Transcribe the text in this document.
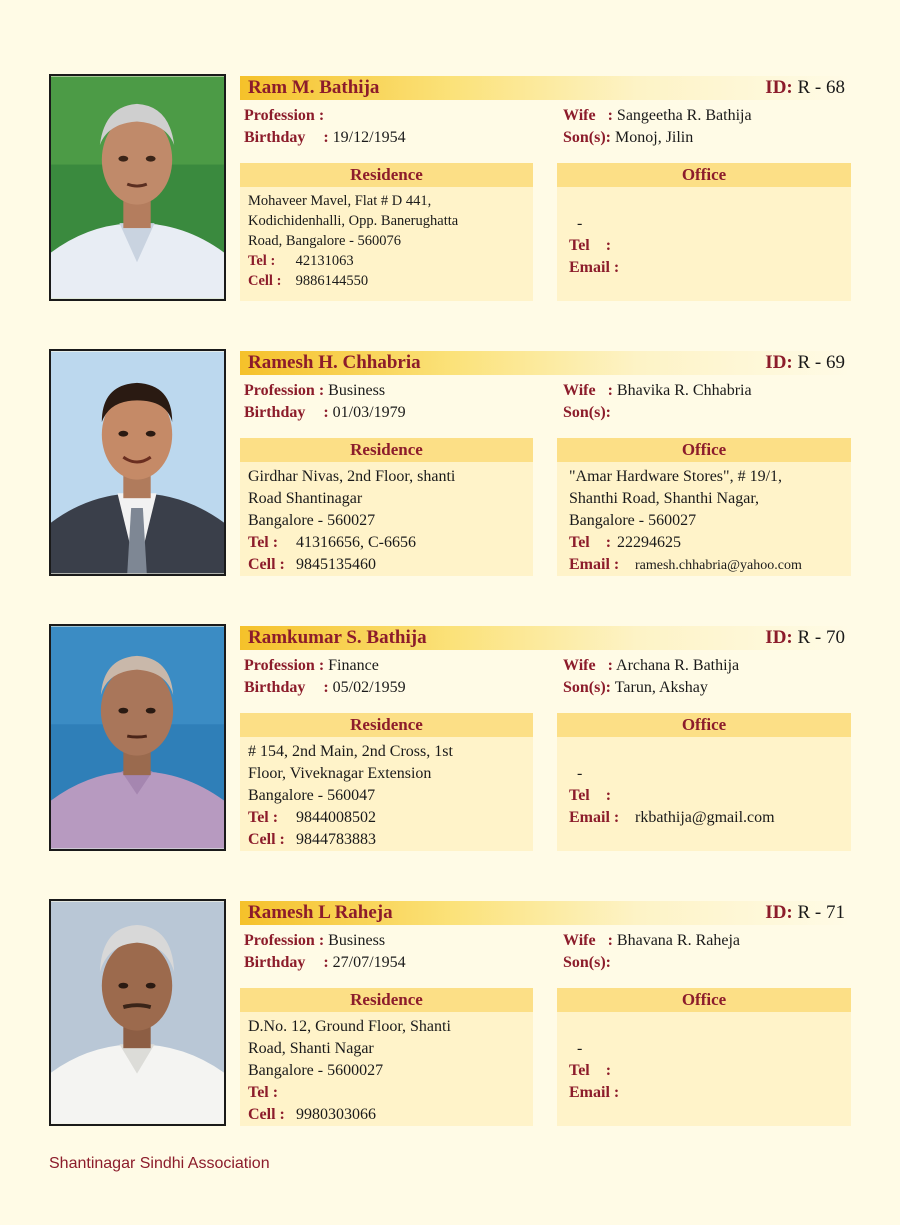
Ram M. Bathija	ID: R - 68
Profession :
Birthday : 19/12/1954
Wife : Sangeetha R. Bathija
Son(s): Monoj, Jilin
Residence
Mohaveer Mavel, Flat # D 441,
Kodichidenhalli, Opp. Banerughatta
Road, Bangalore - 560076
Tel : 42131063
Cell : 9886144550
Office
-
Tel :
Email :
Ramesh H. Chhabria	ID: R - 69
Profession : Business
Birthday : 01/03/1979
Wife : Bhavika R. Chhabria
Son(s):
Residence
Girdhar Nivas, 2nd Floor, shanti
Road Shantinagar
Bangalore - 560027
Tel : 41316656, C-6656
Cell : 9845135460
Office
"Amar Hardware Stores", # 19/1,
Shanthi Road, Shanthi Nagar,
Bangalore - 560027
Tel : 22294625
Email : ramesh.chhabria@yahoo.com
Ramkumar S. Bathija	ID: R - 70
Profession : Finance
Birthday : 05/02/1959
Wife : Archana R. Bathija
Son(s): Tarun, Akshay
Residence
# 154, 2nd Main, 2nd Cross, 1st
Floor, Viveknagar Extension
Bangalore - 560047
Tel : 9844008502
Cell : 9844783883
Office
-
Tel :
Email : rkbathija@gmail.com
Ramesh L Raheja	ID: R - 71
Profession : Business
Birthday : 27/07/1954
Wife : Bhavana R. Raheja
Son(s):
Residence
D.No. 12, Ground Floor, Shanti
Road, Shanti Nagar
Bangalore - 5600027
Tel :
Cell : 9980303066
Office
-
Tel :
Email :
Shantinagar Sindhi Association
